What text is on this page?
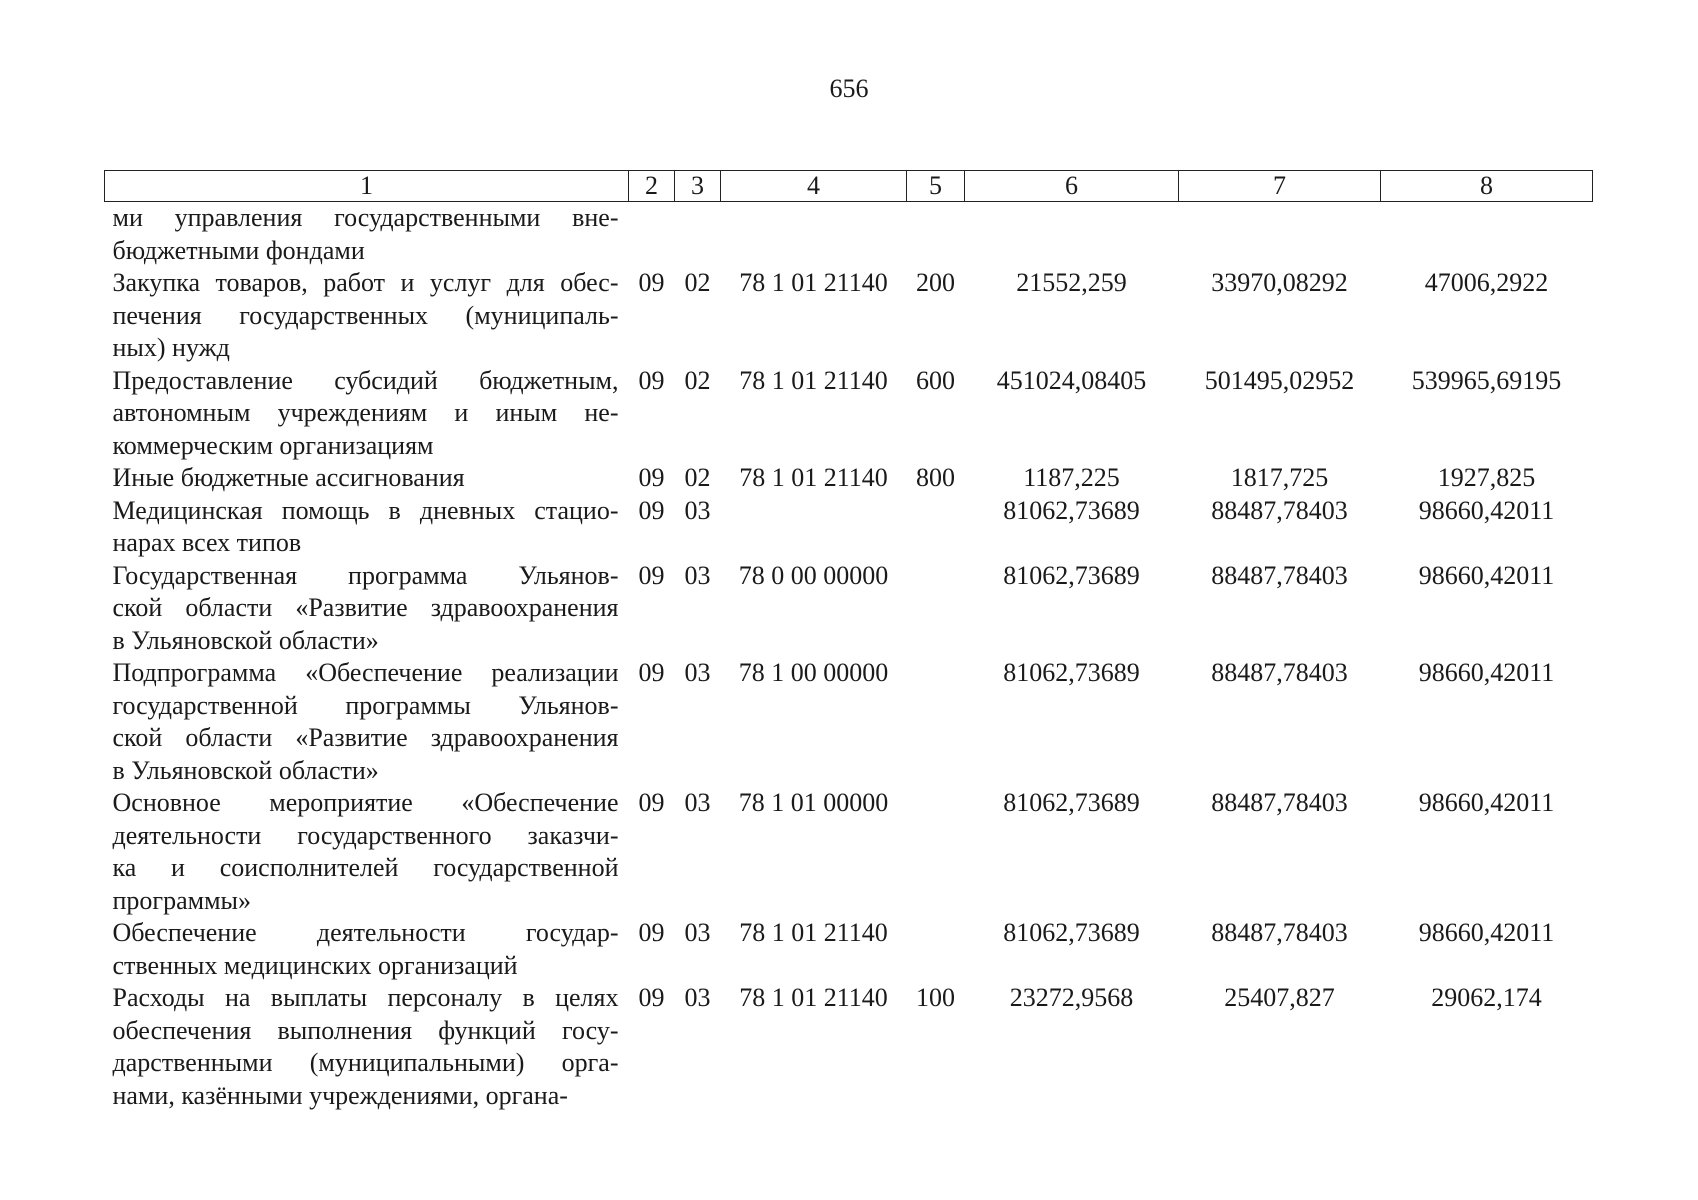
656
1	2	3	4	5	6	7	8

ми управления государственными вне-
бюджетными фондами							

Закупка товаров, работ и услуг для обес-
печения государственных (муниципаль-
ных) нужд	09	02	78 1 01 21140	200	21552,259	33970,08292	47006,2922

Предоставление субсидий бюджетным,
автономным учреждениям и иным не-
коммерческим организациям	09	02	78 1 01 21140	600	451024,08405	501495,02952	539965,69195

Иные бюджетные ассигнования	09	02	78 1 01 21140	800	1187,225	1817,725	1927,825

Медицинская помощь в дневных стацио-
нарах всех типов	09	03			81062,73689	88487,78403	98660,42011

Государственная программа Ульянов-
ской области «Развитие здравоохранения
в Ульяновской области»	09	03	78 0 00 00000		81062,73689	88487,78403	98660,42011

Подпрограмма «Обеспечение реализации
государственной программы Ульянов-
ской области «Развитие здравоохранения
в Ульяновской области»	09	03	78 1 00 00000		81062,73689	88487,78403	98660,42011

Основное мероприятие «Обеспечение
деятельности государственного заказчи-
ка и соисполнителей государственной
программы»	09	03	78 1 01 00000		81062,73689	88487,78403	98660,42011

Обеспечение деятельности государ-
ственных медицинских организаций	09	03	78 1 01 21140		81062,73689	88487,78403	98660,42011

Расходы на выплаты персоналу в целях
обеспечения выполнения функций госу-
дарственными (муниципальными) орга-
нами, казёнными учреждениями, органа-	09	03	78 1 01 21140	100	23272,9568	25407,827	29062,174
